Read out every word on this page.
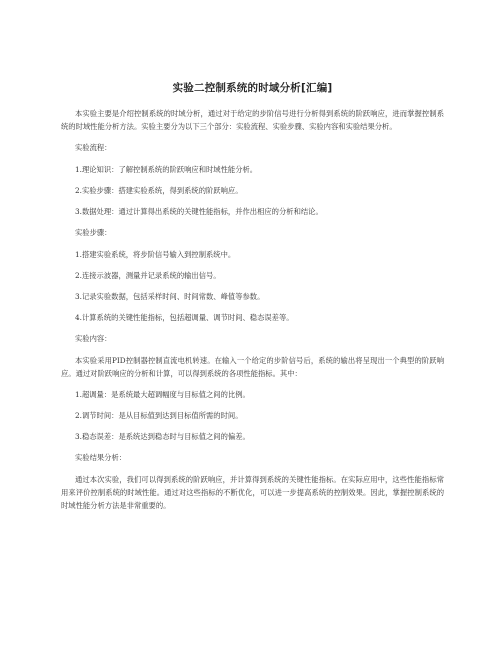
实验二控制系统的时域分析[汇编]
本实验主要是介绍控制系统的时域分析，通过对于给定的步阶信号进行分析得到系统的阶跃响应，进而掌握控制系统的时域性能分析方法。实验主要分为以下三个部分：实验流程、实验步骤、实验内容和实验结果分析。
实验流程：
1.理论知识：了解控制系统的阶跃响应和时域性能分析。
2.实验步骤：搭建实验系统，得到系统的阶跃响应。
3.数据处理：通过计算得出系统的关键性能指标，并作出相应的分析和结论。
实验步骤：
1.搭建实验系统，将步阶信号输入到控制系统中。
2.连接示波器，测量并记录系统的输出信号。
3.记录实验数据，包括采样时间、时间常数、峰值等参数。
4.计算系统的关键性能指标，包括超调量、调节时间、稳态误差等。
实验内容：
本实验采用PID控制器控制直流电机转速。在输入一个给定的步阶信号后，系统的输出将呈现出一个典型的阶跃响应。通过对阶跃响应的分析和计算，可以得到系统的各项性能指标。其中：
1.超调量：是系统最大超调幅度与目标值之间的比例。
2.调节时间：是从目标值到达到目标值所需的时间。
3.稳态误差：是系统达到稳态时与目标值之间的偏差。
实验结果分析：
通过本次实验，我们可以得到系统的阶跃响应，并计算得到系统的关键性能指标。在实际应用中，这些性能指标常用来评价控制系统的时域性能。通过对这些指标的不断优化，可以进一步提高系统的控制效果。因此，掌握控制系统的时域性能分析方法是非常重要的。
